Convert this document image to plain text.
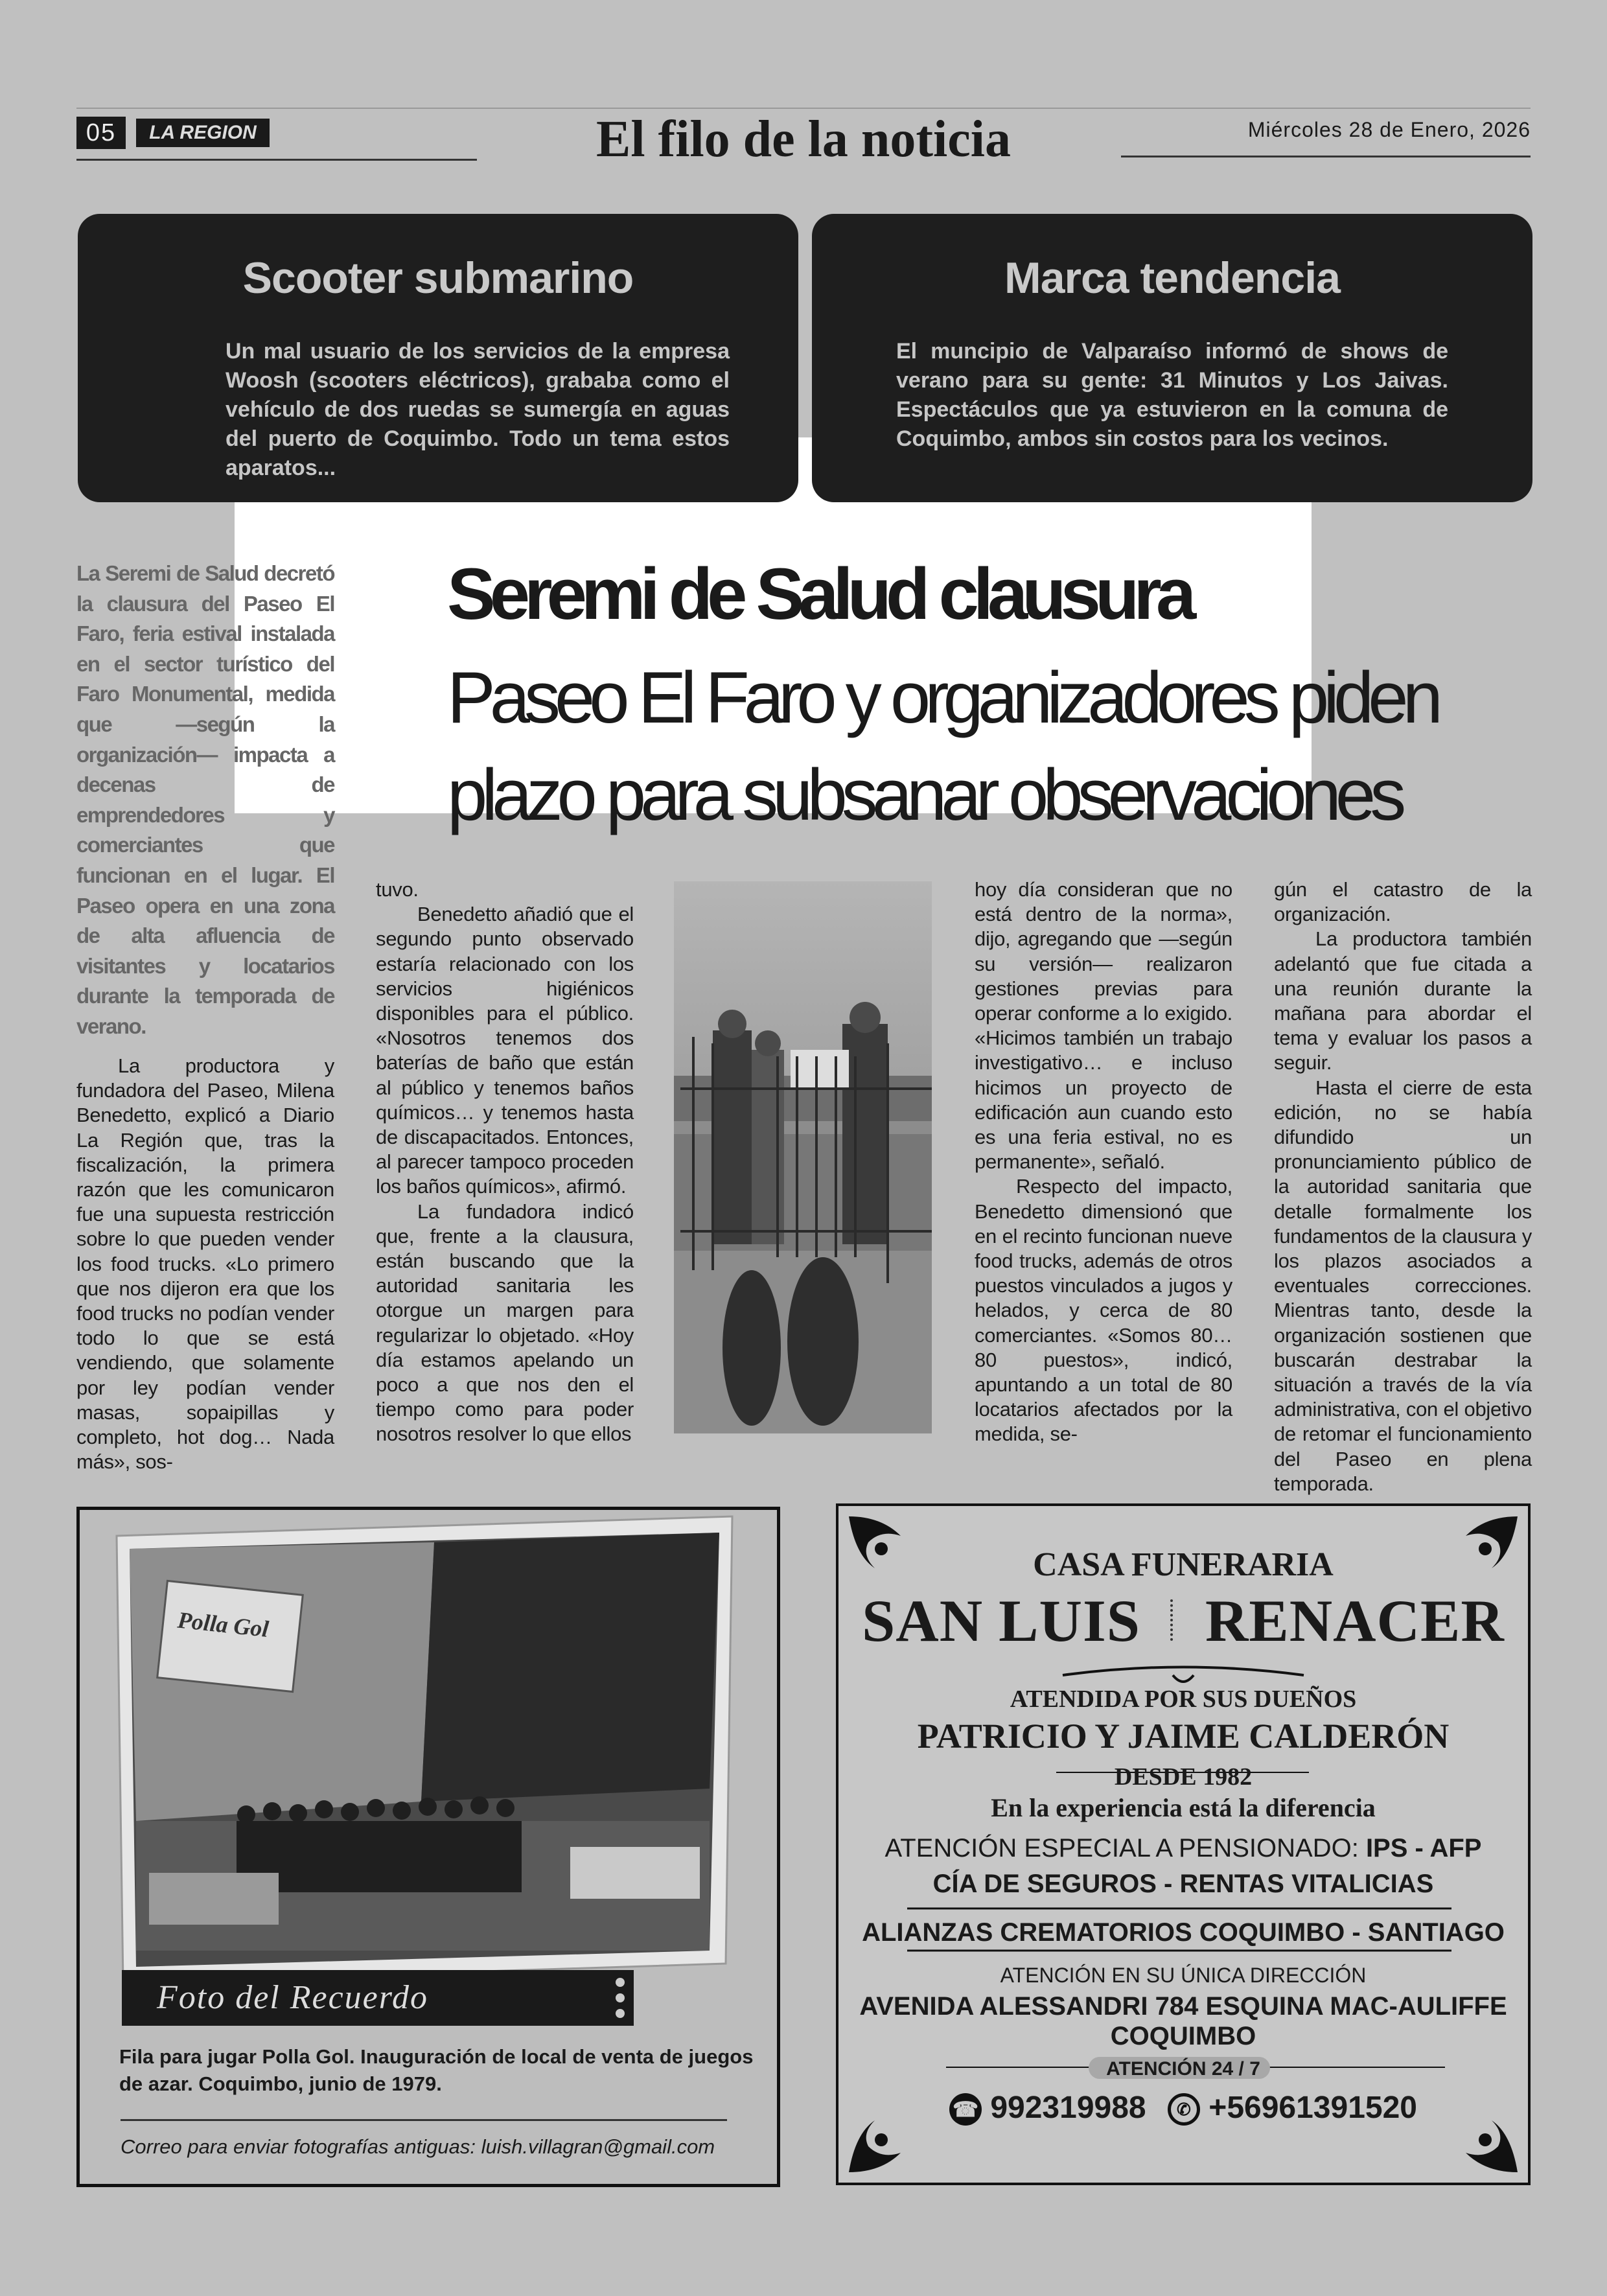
05	LA REGION	El filo de la noticia	Miércoles 28 de Enero, 2026
Scooter submarino

Un mal usuario de los servicios de la empresa Woosh (scooters eléctricos), grababa como el vehículo de dos ruedas se sumergía en aguas del puerto de Coquimbo. Todo un tema estos aparatos...

Marca tendencia

El muncipio de Valparaíso informó de shows de verano para su gente: 31 Minutos y Los Jaivas. Espectáculos que ya estuvieron en la comuna de Coquimbo, ambos sin costos para los vecinos.

Seremi de Salud clausura
Paseo El Faro y organizadores piden plazo para subsanar observaciones
La Seremi de Salud decretó la clausura del Paseo El Faro, feria estival instalada en el sector turístico del Faro Monumental, medida que —según la organización— impacta a decenas de emprendedores y comerciantes que funcionan en el lugar. El Paseo opera en una zona de alta afluencia de visitantes y locatarios durante la temporada de verano.

La productora y fundadora del Paseo, Milena Benedetto, explicó a Diario La Región que, tras la fiscalización, la primera razón que les comunicaron fue una supuesta restricción sobre lo que pueden vender los food trucks. «Lo primero que nos dijeron era que los food trucks no podían vender todo lo que se está vendiendo, que solamente por ley podían vender masas, sopaipillas y completo, hot dog… Nada más», sos-

tuvo.

Benedetto añadió que el segundo punto observado estaría relacionado con los servicios higiénicos disponibles para el público. «Nosotros tenemos dos baterías de baño que están al público y tenemos baños químicos… y tenemos hasta de discapacitados. Entonces, al parecer tampoco proceden los baños químicos», afirmó.

La fundadora indicó que, frente a la clausura, están buscando que la autoridad sanitaria les otorgue un margen para regularizar lo objetado. «Hoy día estamos apelando un poco a que nos den el tiempo como para poder nosotros resolver lo que ellos

hoy día consideran que no está dentro de la norma», dijo, agregando que —según su versión— realizaron gestiones previas para operar conforme a lo exigido. «Hicimos también un trabajo investigativo… e incluso hicimos un proyecto de edificación aun cuando esto es una feria estival, no es permanente», señaló.

Respecto del impacto, Benedetto dimensionó que en el recinto funcionan nueve food trucks, además de otros puestos vinculados a jugos y helados, y cerca de 80 comerciantes. «Somos 80… 80 puestos», indicó, apuntando a un total de 80 locatarios afectados por la medida, se-

gún el catastro de la organización.

La productora también adelantó que fue citada a una reunión durante la mañana para abordar el tema y evaluar los pasos a seguir.

Hasta el cierre de esta edición, no se había difundido un pronunciamiento público de la autoridad sanitaria que detalle formalmente los fundamentos de la clausura y los plazos asociados a eventuales correcciones. Mientras tanto, desde la organización sostienen que buscarán destrabar la situación a través de la vía administrativa, con el objetivo de retomar el funcionamiento del Paseo en plena temporada.

Polla Gol
Foto del Recuerdo
Fila para jugar Polla Gol. Inauguración de local de venta de juegos de azar. Coquimbo, junio de 1979.
Correo para enviar fotografías antiguas: luish.villagran@gmail.com
CASA FUNERARIA
SAN LUIS RENACER
ATENDIDA POR SUS DUEÑOS
PATRICIO Y JAIME CALDERÓN
DESDE 1982
En la experiencia está la diferencia
ATENCIÓN ESPECIAL A PENSIONADO: IPS - AFP
CÍA DE SEGUROS - RENTAS VITALICIAS
ALIANZAS CREMATORIOS COQUIMBO - SANTIAGO
ATENCIÓN EN SU ÚNICA DIRECCIÓN
AVENIDA ALESSANDRI 784 ESQUINA MAC-AULIFFE
COQUIMBO
ATENCIÓN 24 / 7
☎ 992319988 ✆ +56961391520
